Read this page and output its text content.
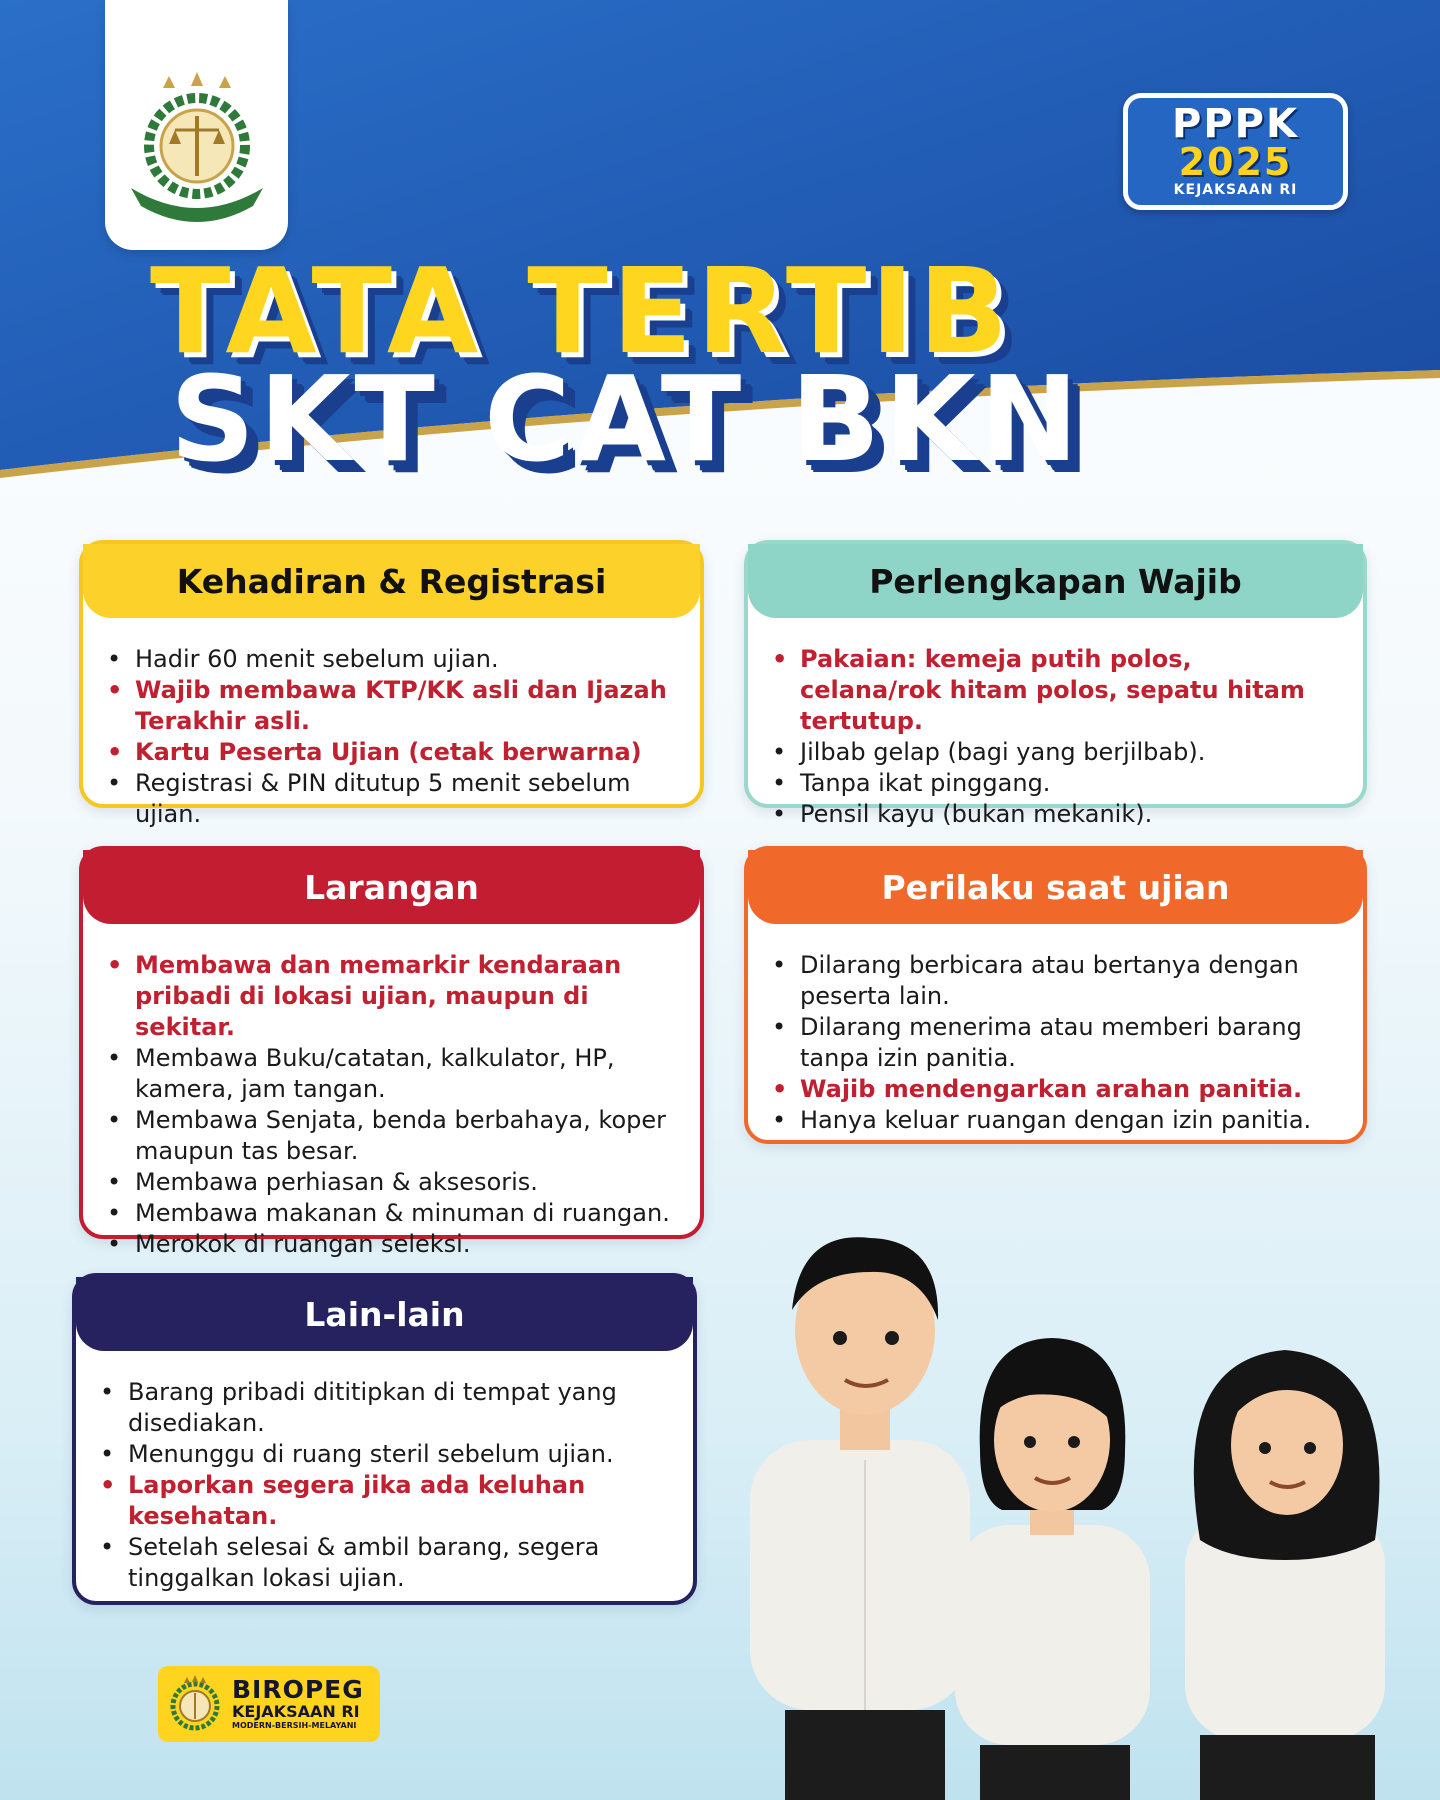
PPPK
2025
KEJAKSAAN RI
TATA TERTIB
SKT CAT BKN
Kehadiran & Registrasi
• Hadir 60 menit sebelum ujian.
• Wajib membawa KTP/KK asli dan Ijazah Terakhir asli.
• Kartu Peserta Ujian (cetak berwarna)
• Registrasi & PIN ditutup 5 menit sebelum ujian.
Perlengkapan Wajib
• Pakaian: kemeja putih polos, celana/rok hitam polos, sepatu hitam tertutup.
• Jilbab gelap (bagi yang berjilbab).
• Tanpa ikat pinggang.
• Pensil kayu (bukan mekanik).
Larangan
• Membawa dan memarkir kendaraan pribadi di lokasi ujian, maupun di sekitar.
• Membawa Buku/catatan, kalkulator, HP, kamera, jam tangan.
• Membawa Senjata, benda berbahaya, koper maupun tas besar.
• Membawa perhiasan & aksesoris.
• Membawa makanan & minuman di ruangan.
• Merokok di ruangan seleksi.
Perilaku saat ujian
• Dilarang berbicara atau bertanya dengan peserta lain.
• Dilarang menerima atau memberi barang tanpa izin panitia.
• Wajib mendengarkan arahan panitia.
• Hanya keluar ruangan dengan izin panitia.
Lain-lain
• Barang pribadi dititipkan di tempat yang disediakan.
• Menunggu di ruang steril sebelum ujian.
• Laporkan segera jika ada keluhan kesehatan.
• Setelah selesai & ambil barang, segera tinggalkan lokasi ujian.
BIROPEG
KEJAKSAAN RI
MODERN-BERSIH-MELAYANI
